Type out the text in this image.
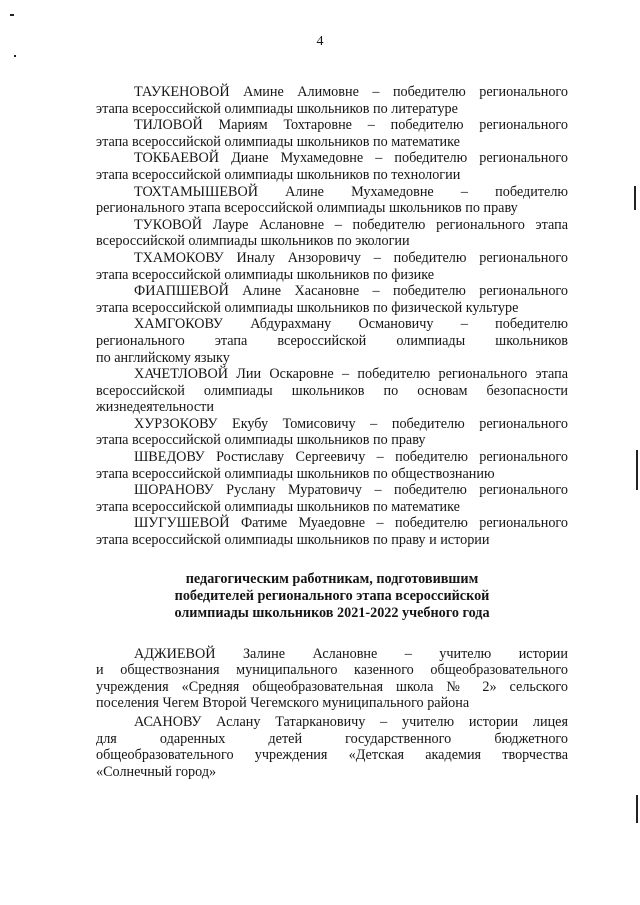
4

ТАУКЕНОВОЙ Амине Алимовне – победителю регионального
этапа всероссийской олимпиады школьников по литературе

ТИЛОВОЙ Мариям Тохтаровне – победителю регионального
этапа всероссийской олимпиады школьников по математике

ТОКБАЕВОЙ Диане Мухамедовне – победителю регионального
этапа всероссийской олимпиады школьников по технологии

ТОХТАМЫШЕВОЙ Алине Мухамедовне – победителю
регионального этапа всероссийской олимпиады школьников по праву

ТУКОВОЙ Лауре Аслановне – победителю регионального этапа
всероссийской олимпиады школьников по экологии

ТХАМОКОВУ Иналу Анзоровичу – победителю регионального
этапа всероссийской олимпиады школьников по физике

ФИАПШЕВОЙ Алине Хасановне – победителю регионального
этапа всероссийской олимпиады школьников по физической культуре

ХАМГОКОВУ Абдурахману Османовичу – победителю
регионального этапа всероссийской олимпиады школьников
по английскому языку

ХАЧЕТЛОВОЙ Лии Оскаровне – победителю регионального этапа
всероссийской олимпиады школьников по основам безопасности
жизнедеятельности

ХУРЗОКОВУ Екубу Томисовичу – победителю регионального
этапа всероссийской олимпиады школьников по праву

ШВЕДОВУ Ростиславу Сергеевичу – победителю регионального
этапа всероссийской олимпиады школьников по обществознанию

ШОРАНОВУ Руслану Муратовичу – победителю регионального
этапа всероссийской олимпиады школьников по математике

ШУГУШЕВОЙ Фатиме Муаедовне – победителю регионального
этапа всероссийской олимпиады школьников по праву и истории

педагогическим работникам, подготовившим
победителей регионального этапа всероссийской
олимпиады школьников 2021-2022 учебного года

АДЖИЕВОЙ Залине Аслановне – учителю истории
и обществознания муниципального казенного общеобразовательного
учреждения «Средняя общеобразовательная школа № 2» сельского
поселения Чегем Второй Чегемского муниципального района

АСАНОВУ Аслану Татаркановичу – учителю истории лицея
для одаренных детей государственного бюджетного
общеобразовательного учреждения «Детская академия творчества
«Солнечный город»
